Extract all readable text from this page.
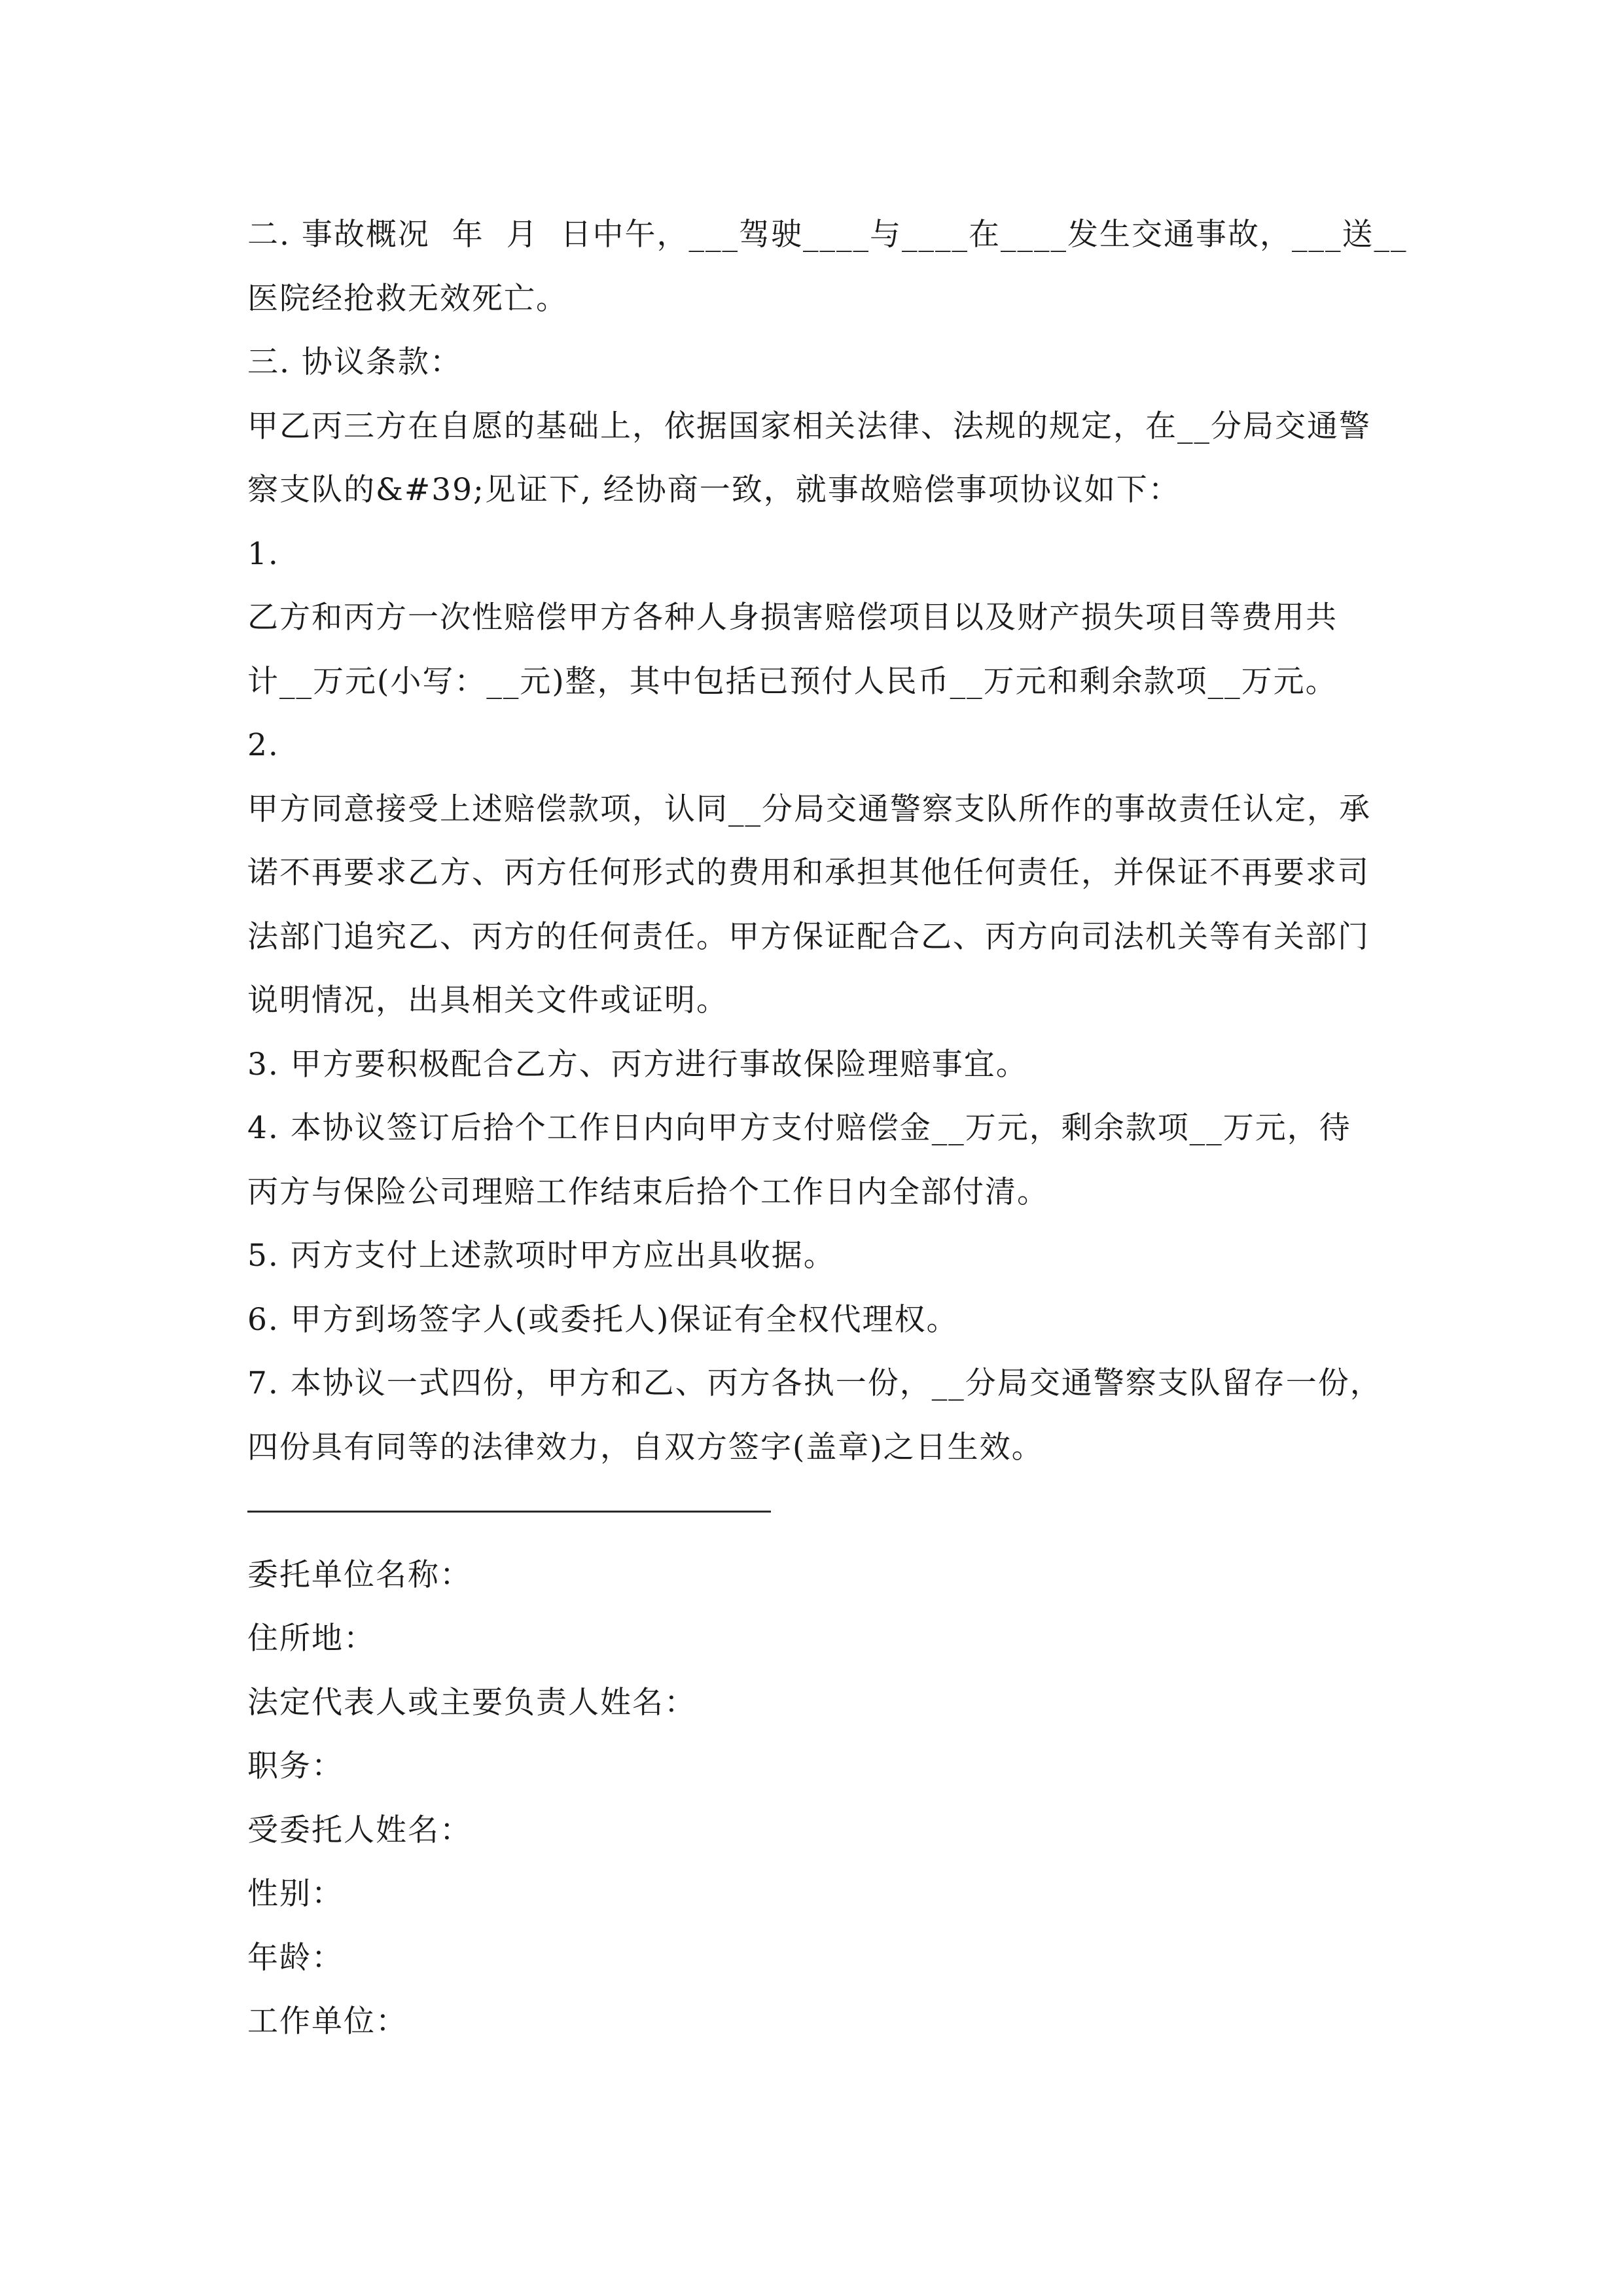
二. 事故概况  年  月  日中午，___驾驶____与____在____发生交通事故，___送__
医院经抢救无效死亡。
三. 协议条款：
甲乙丙三方在自愿的基础上，依据国家相关法律、法规的规定，在__分局交通警
察支队的&#39;见证下, 经协商一致，就事故赔偿事项协议如下：
1.
乙方和丙方一次性赔偿甲方各种人身损害赔偿项目以及财产损失项目等费用共
计__万元(小写：__元)整，其中包括已预付人民币__万元和剩余款项__万元。
2.
甲方同意接受上述赔偿款项，认同__分局交通警察支队所作的事故责任认定，承
诺不再要求乙方、丙方任何形式的费用和承担其他任何责任，并保证不再要求司
法部门追究乙、丙方的任何责任。甲方保证配合乙、丙方向司法机关等有关部门
说明情况，出具相关文件或证明。
3. 甲方要积极配合乙方、丙方进行事故保险理赔事宜。
4. 本协议签订后拾个工作日内向甲方支付赔偿金__万元，剩余款项__万元，待
丙方与保险公司理赔工作结束后拾个工作日内全部付清。
5. 丙方支付上述款项时甲方应出具收据。
6. 甲方到场签字人(或委托人)保证有全权代理权。
7. 本协议一式四份，甲方和乙、丙方各执一份，__分局交通警察支队留存一份，
四份具有同等的法律效力，自双方签字(盖章)之日生效。
委托单位名称：
住所地：
法定代表人或主要负责人姓名：
职务：
受委托人姓名：
性别：
年龄：
工作单位：
